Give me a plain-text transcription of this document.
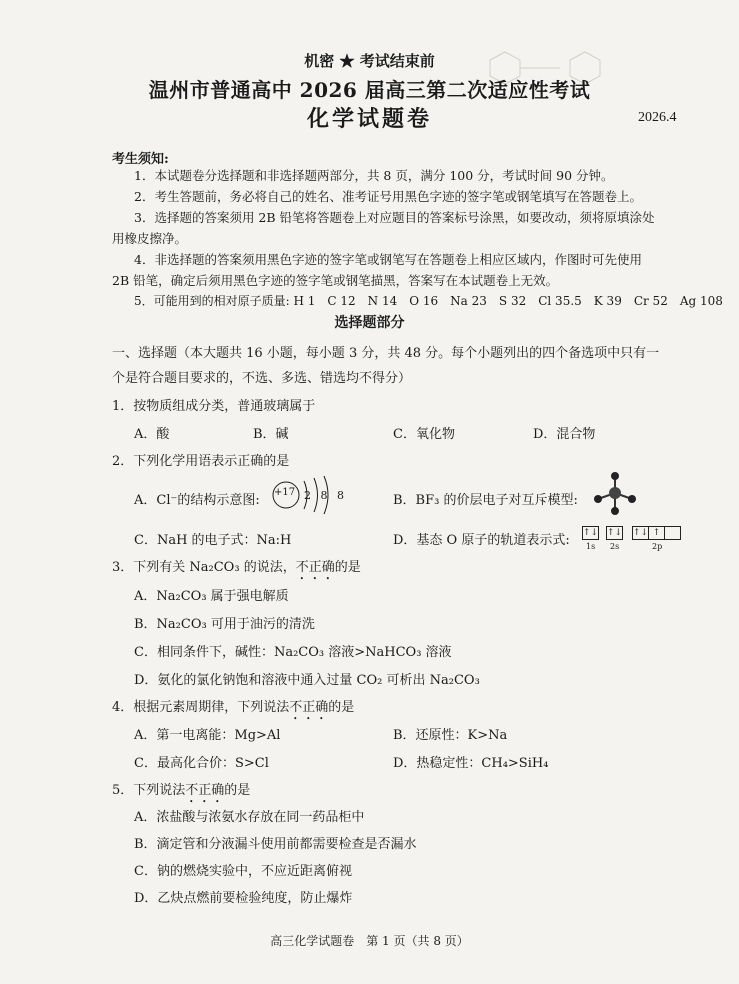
机密 ★ 考试结束前
温州市普通高中 2026 届高三第二次适应性考试
化学试题卷	2026.4
考生须知:
1．本试题卷分选择题和非选择题两部分，共 8 页，满分 100 分，考试时间 90 分钟。
2．考生答题前，务必将自己的姓名、准考证号用黑色字迹的签字笔或钢笔填写在答题卷上。
3．选择题的答案须用 2B 铅笔将答题卷上对应题目的答案标号涂黑，如要改动，须将原填涂处
用橡皮擦净。
4．非选择题的答案须用黑色字迹的签字笔或钢笔写在答题卷上相应区域内，作图时可先使用
2B 铅笔，确定后须用黑色字迹的签字笔或钢笔描黑，答案写在本试题卷上无效。
5．可能用到的相对原子质量: H 1　C 12　N 14　O 16　Na 23　S 32　Cl 35.5　K 39　Cr 52　Ag 108
选择题部分
一、选择题（本大题共 16 小题，每小题 3 分，共 48 分。每个小题列出的四个备选项中只有一
个是符合题目要求的，不选、多选、错选均不得分）
1．按物质组成分类，普通玻璃属于
A．酸	B．碱	C．氧化物	D．混合物
2．下列化学用语表示正确的是
A．Cl⁻的结构示意图:
+17 2 8 8	B．BF₃ 的价层电子对互斥模型:
C．NaH 的电子式：Na:H	D．基态 O 原子的轨道表示式: ↑↓ ↑↓ ↑↓ ↑
1s 2s	2p
3．下列有关 Na₂CO₃ 的说法，不正确的是
A．Na₂CO₃ 属于强电解质
B．Na₂CO₃ 可用于油污的清洗
C．相同条件下，碱性：Na₂CO₃ 溶液>NaHCO₃ 溶液
D．氨化的氯化钠饱和溶液中通入过量 CO₂ 可析出 Na₂CO₃
4．根据元素周期律，下列说法不正确的是
A．第一电离能：Mg>Al	B．还原性：K>Na
C．最高化合价：S>Cl	D．热稳定性：CH₄>SiH₄
5．下列说法不正确的是
A．浓盐酸与浓氨水存放在同一药品柜中
B．滴定管和分液漏斗使用前都需要检查是否漏水
C．钠的燃烧实验中，不应近距离俯视
D．乙炔点燃前要检验纯度，防止爆炸
高三化学试题卷　第 1 页（共 8 页）
